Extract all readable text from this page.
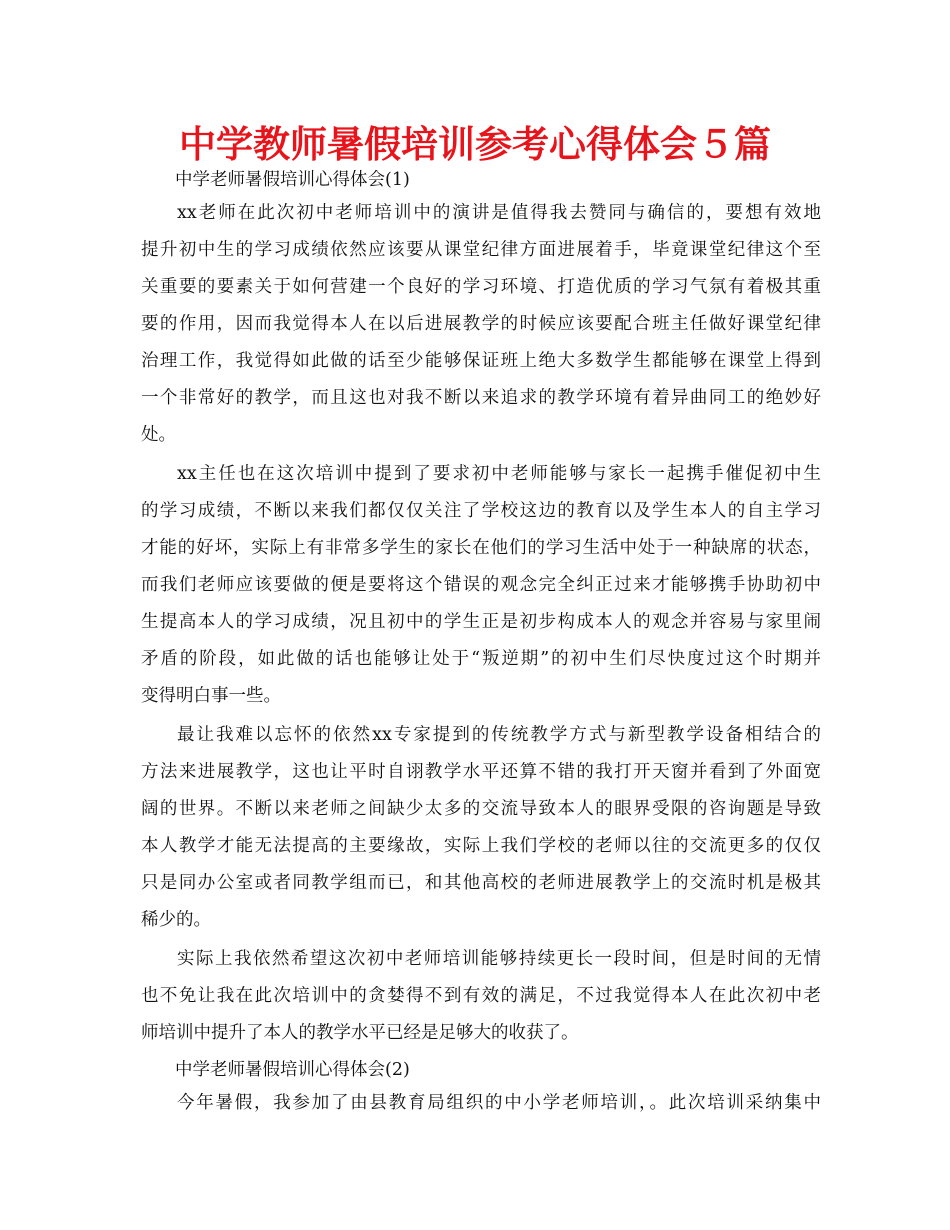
中学教师暑假培训参考心得体会５篇
中学老师暑假培训心得体会(1)
xx老师在此次初中老师培训中的演讲是值得我去赞同与确信的，要想有效地
提升初中生的学习成绩依然应该要从课堂纪律方面进展着手，毕竟课堂纪律这个至
关重要的要素关于如何营建一个良好的学习环境、打造优质的学习气氛有着极其重
要的作用，因而我觉得本人在以后进展教学的时候应该要配合班主任做好课堂纪律
治理工作，我觉得如此做的话至少能够保证班上绝大多数学生都能够在课堂上得到
一个非常好的教学，而且这也对我不断以来追求的教学环境有着异曲同工的绝妙好
处。
xx主任也在这次培训中提到了要求初中老师能够与家长一起携手催促初中生
的学习成绩，不断以来我们都仅仅关注了学校这边的教育以及学生本人的自主学习
才能的好坏，实际上有非常多学生的家长在他们的学习生活中处于一种缺席的状态，
而我们老师应该要做的便是要将这个错误的观念完全纠正过来才能够携手协助初中
生提高本人的学习成绩，况且初中的学生正是初步构成本人的观念并容易与家里闹
矛盾的阶段，如此做的话也能够让处于“叛逆期”的初中生们尽快度过这个时期并
变得明白事一些。
最让我难以忘怀的依然xx专家提到的传统教学方式与新型教学设备相结合的
方法来进展教学，这也让平时自诩教学水平还算不错的我打开天窗并看到了外面宽
阔的世界。不断以来老师之间缺少太多的交流导致本人的眼界受限的咨询题是导致
本人教学才能无法提高的主要缘故，实际上我们学校的老师以往的交流更多的仅仅
只是同办公室或者同教学组而已，和其他高校的老师进展教学上的交流时机是极其
稀少的。
实际上我依然希望这次初中老师培训能够持续更长一段时间，但是时间的无情
也不免让我在此次培训中的贪婪得不到有效的满足，不过我觉得本人在此次初中老
师培训中提升了本人的教学水平已经是足够大的收获了。
中学老师暑假培训心得体会(2)
今年暑假，我参加了由县教育局组织的中小学老师培训，。此次培训采纳集中
